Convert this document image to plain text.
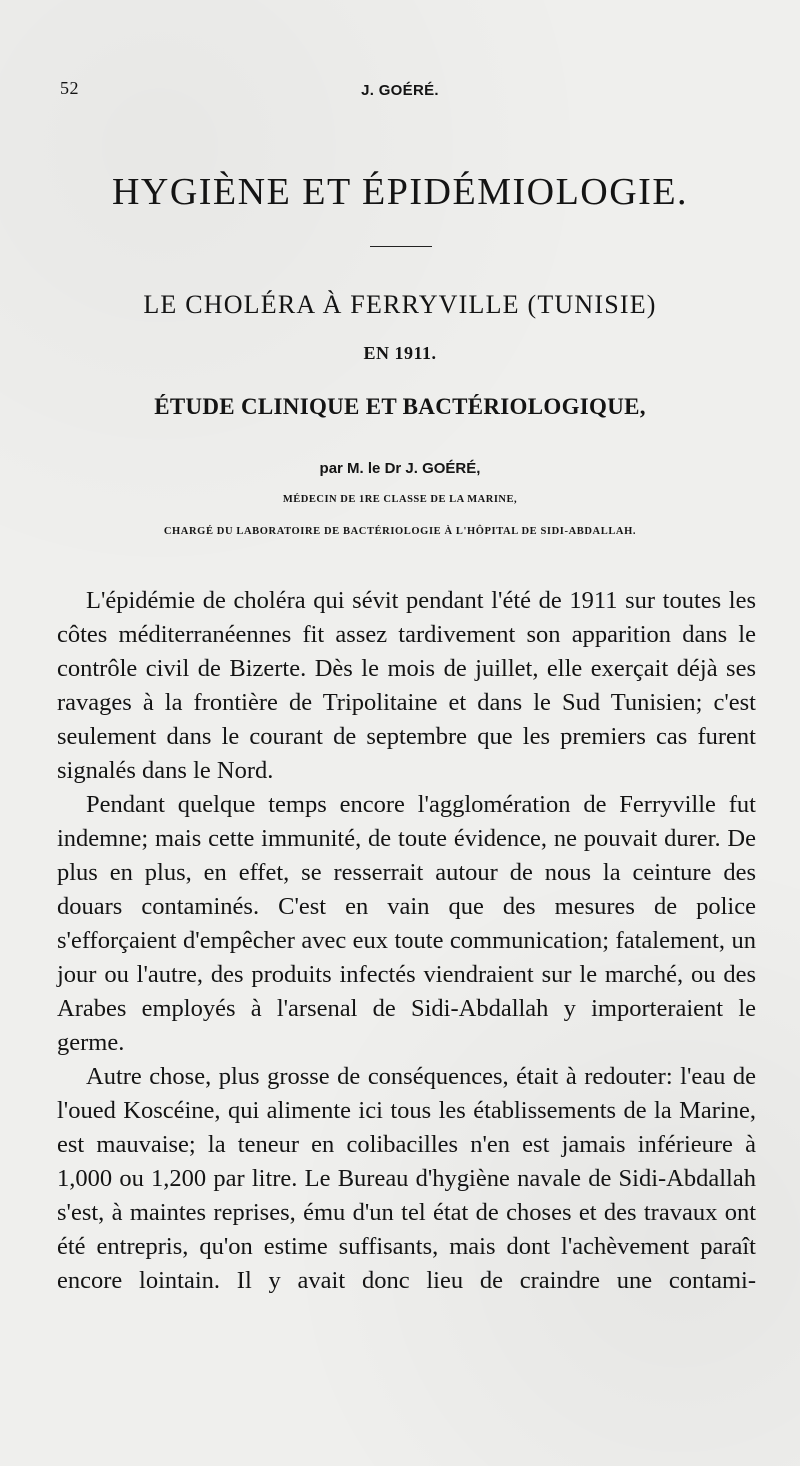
52	J. GOÉRÉ.
HYGIÈNE ET ÉPIDÉMIOLOGIE.
LE CHOLÉRA À FERRYVILLE (TUNISIE)
EN 1911.
ÉTUDE CLINIQUE ET BACTÉRIOLOGIQUE,
par M. le Dr J. GOÉRÉ,
MÉDECIN DE 1RE CLASSE DE LA MARINE,
CHARGÉ DU LABORATOIRE DE BACTÉRIOLOGIE À L'HÔPITAL DE SIDI-ABDALLAH.

L'épidémie de choléra qui sévit pendant l'été de 1911 sur toutes les côtes méditerranéennes fit assez tardivement son apparition dans le contrôle civil de Bizerte. Dès le mois de juillet, elle exerçait déjà ses ravages à la frontière de Tripolitaine et dans le Sud Tunisien; c'est seulement dans le courant de septembre que les premiers cas furent signalés dans le Nord.

Pendant quelque temps encore l'agglomération de Ferryville fut indemne; mais cette immunité, de toute évidence, ne pouvait durer. De plus en plus, en effet, se resserrait autour de nous la ceinture des douars contaminés. C'est en vain que des mesures de police s'efforçaient d'empêcher avec eux toute communication; fatalement, un jour ou l'autre, des produits infectés viendraient sur le marché, ou des Arabes employés à l'arsenal de Sidi-Abdallah y importeraient le germe.

Autre chose, plus grosse de conséquences, était à redouter: l'eau de l'oued Koscéine, qui alimente ici tous les établissements de la Marine, est mauvaise; la teneur en colibacilles n'en est jamais inférieure à 1,000 ou 1,200 par litre. Le Bureau d'hygiène navale de Sidi-Abdallah s'est, à maintes reprises, ému d'un tel état de choses et des travaux ont été entrepris, qu'on estime suffisants, mais dont l'achèvement paraît encore lointain. Il y avait donc lieu de craindre une contami-
